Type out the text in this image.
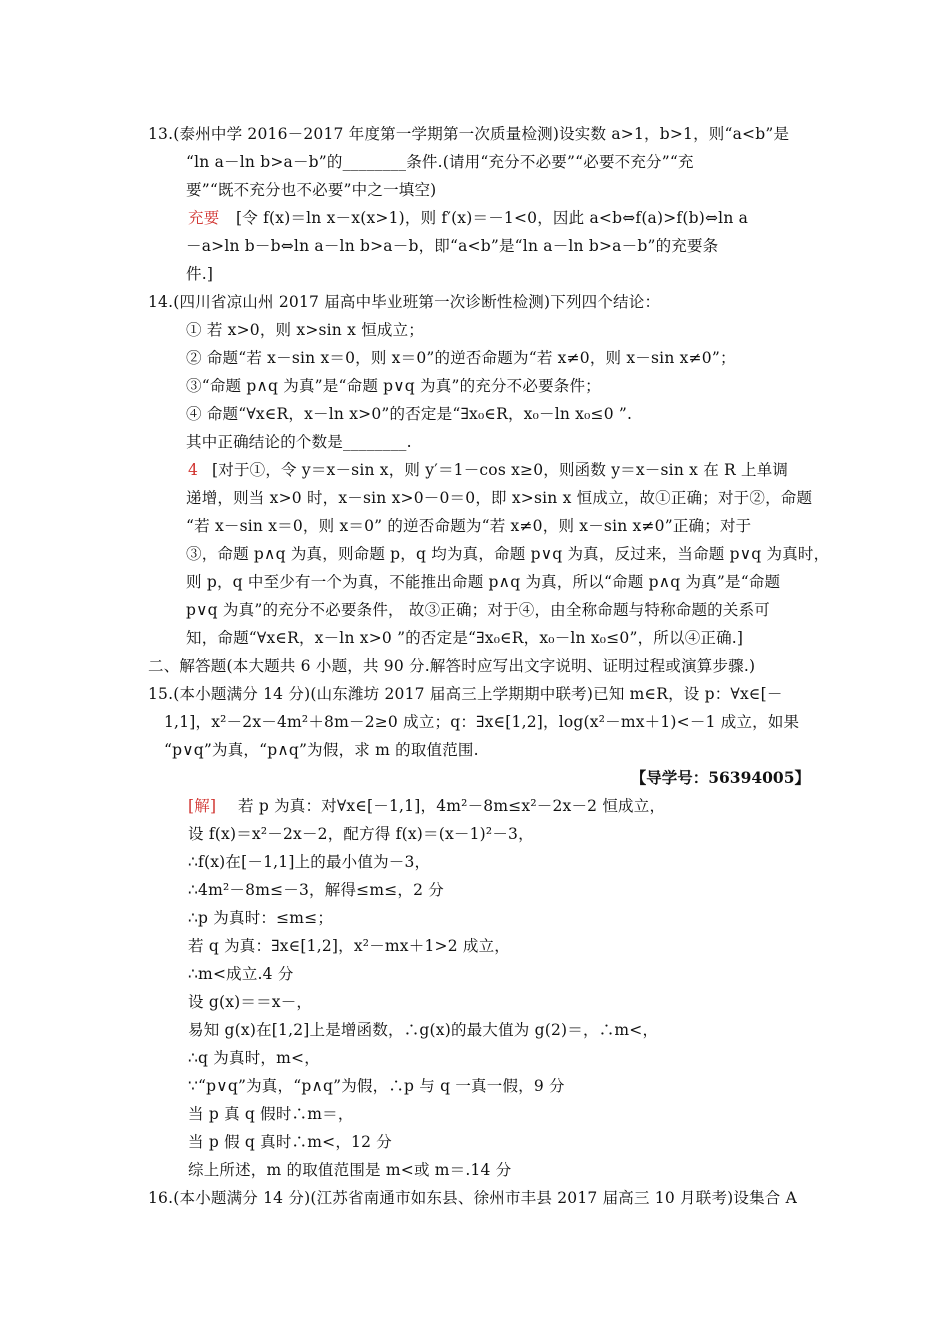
13.(泰州中学 2016－2017 年度第一学期第一次质量检测)设实数 a>1，b>1，则“a<b”是
“ln a－ln b>a－b”的________条件.(请用“充分不必要”“必要不充分”“充
要”“既不充分也不必要”中之一填空)
充要 [令 f(x)＝ln x－x(x>1)，则 f′(x)＝－1<0，因此 a<b⇔f(a)>f(b)⇔ln a
－a>ln b－b⇔ln a－ln b>a－b，即“a<b”是“ln a－ln b>a－b”的充要条
件.]
14.(四川省凉山州 2017 届高中毕业班第一次诊断性检测)下列四个结论：
① 若 x>0，则 x>sin x 恒成立；
② 命题“若 x－sin x＝0，则 x＝0”的逆否命题为“若 x≠0，则 x－sin x≠0”；
③“命题 p∧q 为真”是“命题 p∨q 为真”的充分不必要条件；
④ 命题“∀x∈R，x－ln x>0”的否定是“∃x₀∈R，x₀－ln x₀≤0 ”.
其中正确结论的个数是________.
4 [对于①，令 y＝x－sin x，则 y′＝1－cos x≥0，则函数 y＝x－sin x 在 R 上单调
递增，则当 x>0 时，x－sin x>0－0＝0，即 x>sin x 恒成立，故①正确；对于②，命题
“若 x－sin x＝0，则 x＝0” 的逆否命题为“若 x≠0，则 x－sin x≠0”正确；对于
③，命题 p∧q 为真，则命题 p，q 均为真，命题 p∨q 为真，反过来，当命题 p∨q 为真时，
则 p，q 中至少有一个为真，不能推出命题 p∧q 为真，所以“命题 p∧q 为真”是“命题
p∨q 为真”的充分不必要条件， 故③正确；对于④，由全称命题与特称命题的关系可
知，命题“∀x∈R，x－ln x>0 ”的否定是“∃x₀∈R，x₀－ln x₀≤0”，所以④正确.]
二、解答题(本大题共 6 小题，共 90 分.解答时应写出文字说明、证明过程或演算步骤.)
15.(本小题满分 14 分)(山东潍坊 2017 届高三上学期期中联考)已知 m∈R，设 p：∀x∈[－
1,1]，x²－2x－4m²＋8m－2≥0 成立；q：∃x∈[1,2]，log(x²－mx＋1)<－1 成立，如果
“p∨q”为真，“p∧q”为假，求 m 的取值范围.
【导学号：56394005】
[解] 若 p 为真：对∀x∈[－1,1]，4m²－8m≤x²－2x－2 恒成立，
设 f(x)＝x²－2x－2，配方得 f(x)＝(x－1)²－3，
∴f(x)在[－1,1]上的最小值为－3，
∴4m²－8m≤－3，解得≤m≤，2 分
∴p 为真时：≤m≤；
若 q 为真：∃x∈[1,2]，x²－mx＋1>2 成立，
∴m<成立.4 分
设 g(x)＝＝x－，
易知 g(x)在[1,2]上是增函数，∴g(x)的最大值为 g(2)＝，∴m<，
∴q 为真时，m<，
∵“p∨q”为真，“p∧q”为假，∴p 与 q 一真一假，9 分
当 p 真 q 假时∴m＝，
当 p 假 q 真时∴m<，12 分
综上所述，m 的取值范围是 m<或 m＝.14 分
16.(本小题满分 14 分)(江苏省南通市如东县、徐州市丰县 2017 届高三 10 月联考)设集合 A
